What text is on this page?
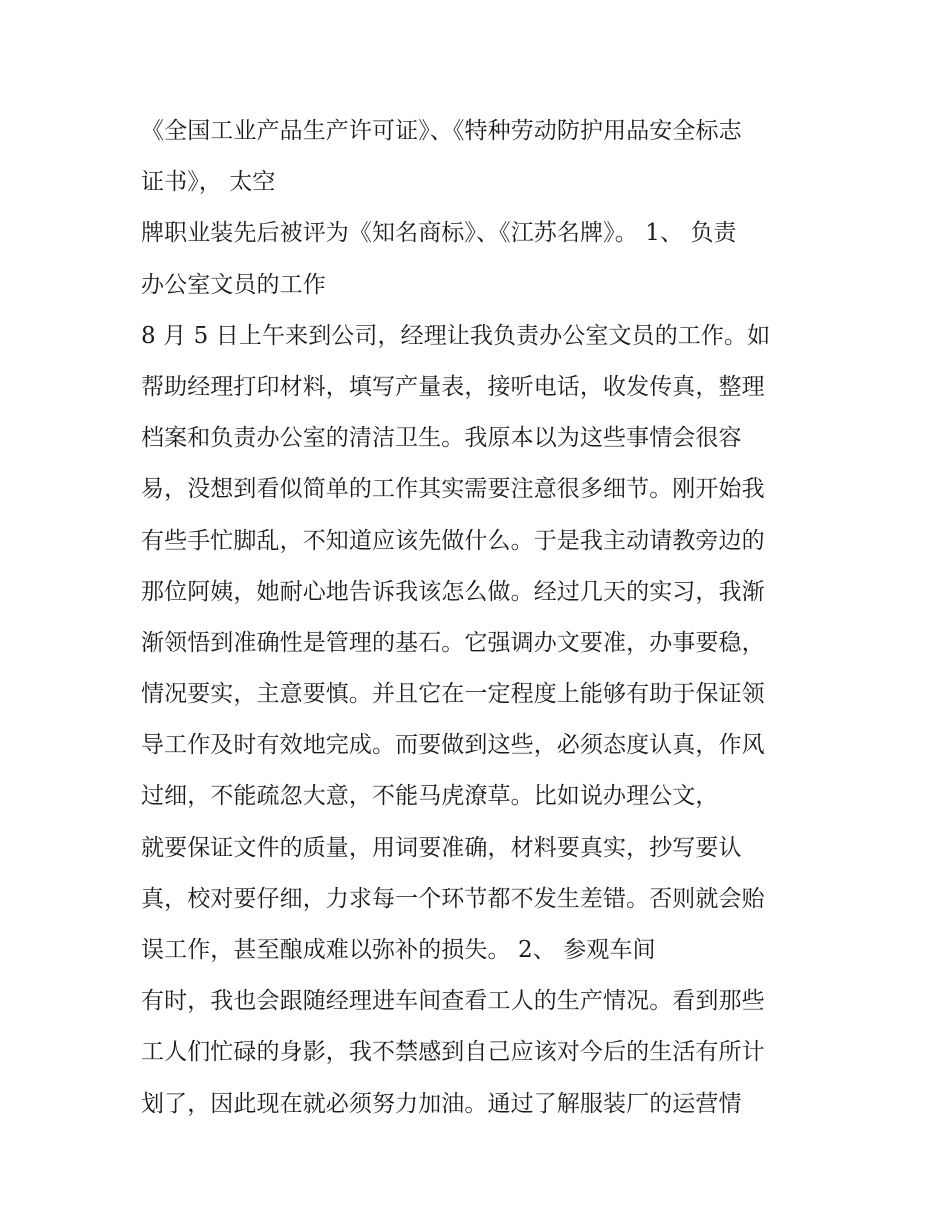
《全国工业产品生产许可证》、《特种劳动防护用品安全标志
证书》， 太空
牌职业装先后被评为《知名商标》、《江苏名牌》。 1、 负责
办公室文员的工作
8 月 5 日上午来到公司，经理让我负责办公室文员的工作。如
帮助经理打印材料，填写产量表，接听电话，收发传真，整理
档案和负责办公室的清洁卫生。我原本以为这些事情会很容
易，没想到看似简单的工作其实需要注意很多细节。刚开始我
有些手忙脚乱，不知道应该先做什么。于是我主动请教旁边的
那位阿姨，她耐心地告诉我该怎么做。经过几天的实习，我渐
渐领悟到准确性是管理的基石。它强调办文要准，办事要稳，
情况要实，主意要慎。并且它在一定程度上能够有助于保证领
导工作及时有效地完成。而要做到这些，必须态度认真，作风
过细，不能疏忽大意，不能马虎潦草。比如说办理公文，
就要保证文件的质量，用词要准确，材料要真实，抄写要认
真，校对要仔细，力求每一个环节都不发生差错。否则就会贻
误工作，甚至酿成难以弥补的损失。 2、 参观车间
有时，我也会跟随经理进车间查看工人的生产情况。看到那些
工人们忙碌的身影，我不禁感到自己应该对今后的生活有所计
划了，因此现在就必须努力加油。通过了解服装厂的运营情
